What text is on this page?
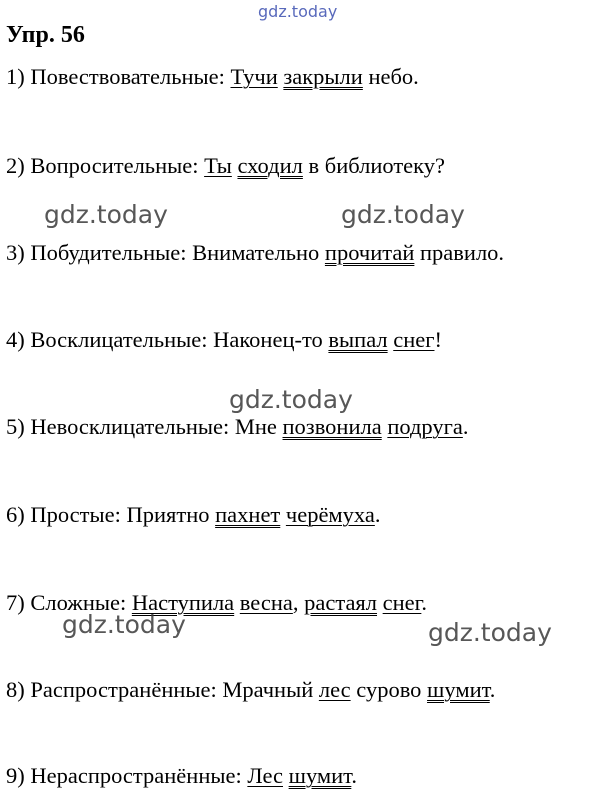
Упр. 56
1) Повествовательные: Тучи закрыли небо.
2) Вопросительные: Ты сходил в библиотеку?
3) Побудительные: Внимательно прочитай правило.
4) Восклицательные: Наконец-то выпал снег!
5) Невосклицательные: Мне позвонила подруга.
6) Простые: Приятно пахнет черёмуха.
7) Сложные: Наступила весна, растаял снег.
8) Распространённые: Мрачный лес сурово шумит.
9) Нераспространённые: Лес шумит.
gdz.today
gdz.today	gdz.today
gdz.today
gdz.today	gdz.today
